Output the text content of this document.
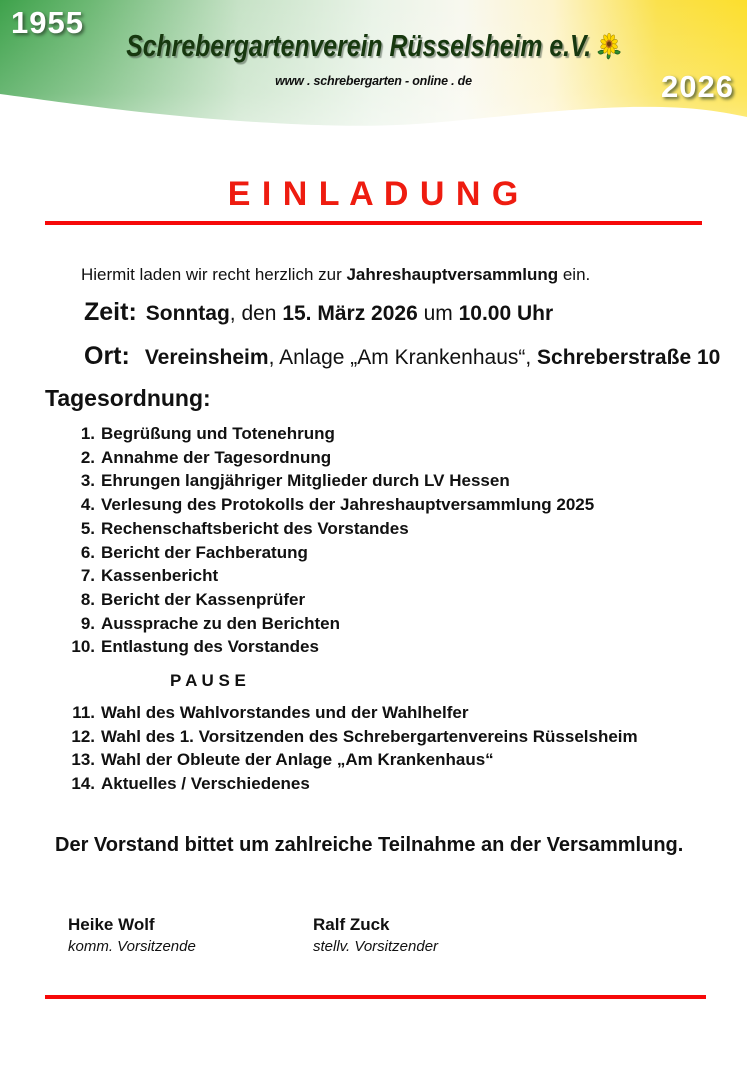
1955
2026
Schrebergartenverein Rüsselsheim e.V.
www . schrebergarten - online . de
E I N L A D U N G

Hiermit laden wir recht herzlich zur Jahreshauptversammlung ein.

Zeit: Sonntag, den 15. März 2026 um 10.00 Uhr

Ort: Vereinsheim, Anlage „Am Krankenhaus“, Schreberstraße 10

Tagesordnung:
1. Begrüßung und Totenehrung
2. Annahme der Tagesordnung
3. Ehrungen langjähriger Mitglieder durch LV Hessen
4. Verlesung des Protokolls der Jahreshauptversammlung 2025
5. Rechenschaftsbericht des Vorstandes
6. Bericht der Fachberatung
7. Kassenbericht
8. Bericht der Kassenprüfer
9. Aussprache zu den Berichten
10. Entlastung des Vorstandes

P A U S E

11. Wahl des Wahlvorstandes und der Wahlhelfer
12. Wahl des 1. Vorsitzenden des Schrebergartenvereins Rüsselsheim
13. Wahl der Obleute der Anlage „Am Krankenhaus“
14. Aktuelles / Verschiedenes

Der Vorstand bittet um zahlreiche Teilnahme an der Versammlung.

Heike Wolf
komm. Vorsitzende
Ralf Zuck
stellv. Vorsitzender
